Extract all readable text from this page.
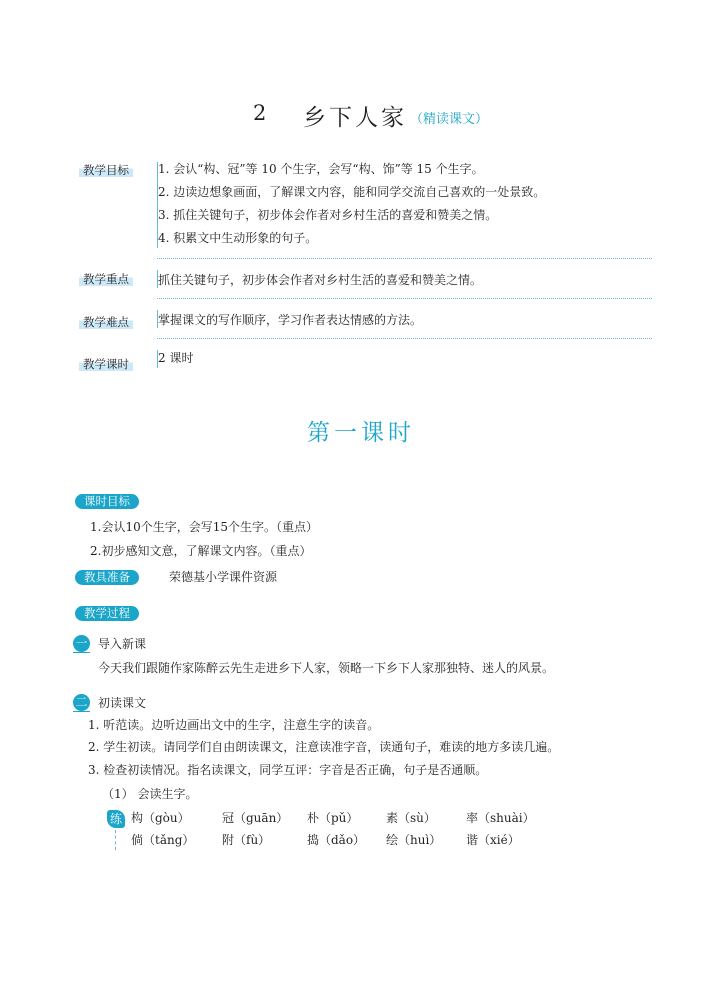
2 乡下人家 （精读课文）
教学目标	1. 会认“构、冠”等 10 个生字，会写“构、饰”等 15 个生字。
2. 边读边想象画面，了解课文内容，能和同学交流自己喜欢的一处景致。
3. 抓住关键句子，初步体会作者对乡村生活的喜爱和赞美之情。
4. 积累文中生动形象的句子。
教学重点	抓住关键句子，初步体会作者对乡村生活的喜爱和赞美之情。
教学难点	掌握课文的写作顺序，学习作者表达情感的方法。
教学课时	2 课时
第一课时
课时目标
1.会认10个生字，会写15个生字。（重点）
2.初步感知文意，了解课文内容。（重点）
教具准备	荣德基小学课件资源
教学过程
一 导入新课
今天我们跟随作家陈醉云先生走进乡下人家，领略一下乡下人家那独特、迷人的风景。
二 初读课文
1. 听范读。边听边画出文中的生字，注意生字的读音。
2. 学生初读。请同学们自由朗读课文，注意读准字音，读通句子，难读的地方多读几遍。
3. 检查初读情况。指名读课文，同学互评：字音是否正确，句子是否通顺。
（1） 会读生字。
练 构（gòu）	冠（guān） 朴（pǔ） 素（sù）	率（shuài）
倘（tǎng） 附（fù）	捣（dǎo） 绘（huì） 谐（xié）
